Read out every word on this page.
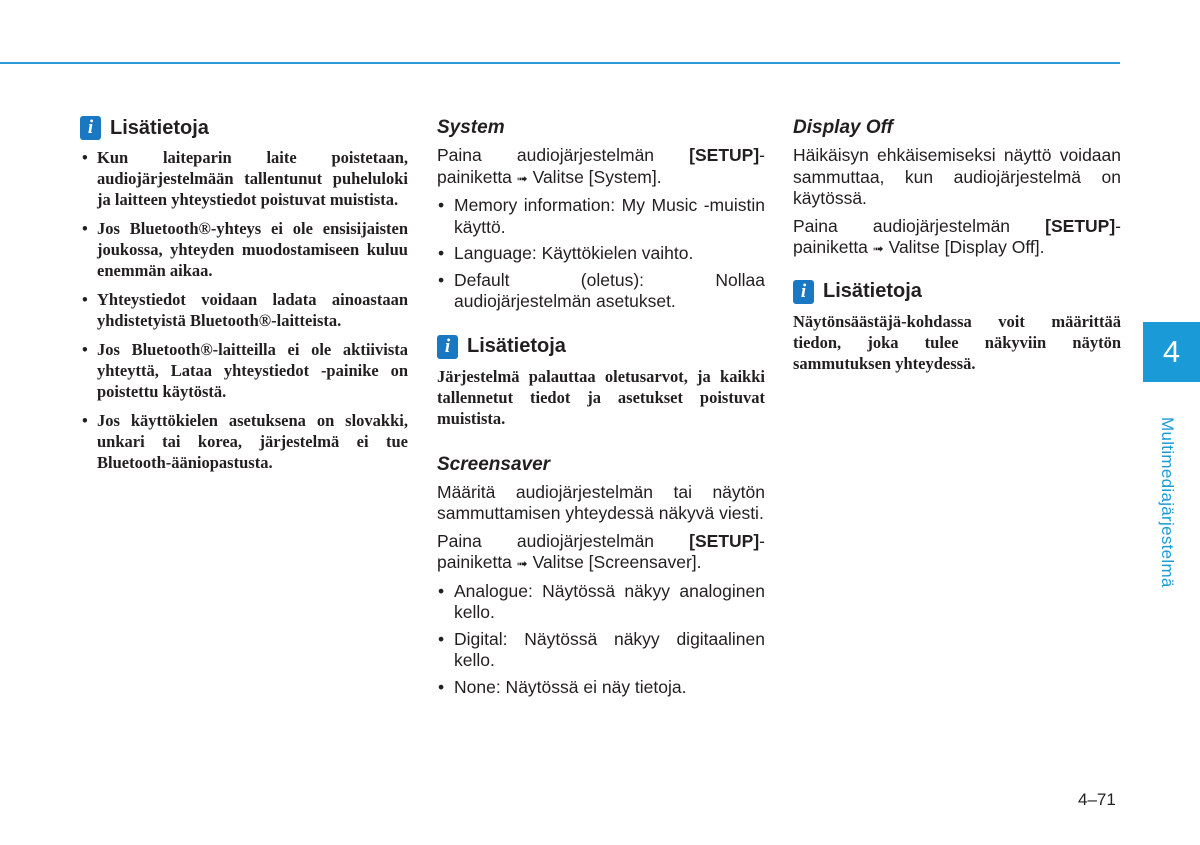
i Lisätietoja
• Kun laiteparin laite poistetaan, audiojärjestelmään tallentunut puheluloki ja laitteen yhteystiedot poistuvat muistista.
• Jos Bluetooth®-yhteys ei ole ensisijaisten joukossa, yhteyden muodostamiseen kuluu enemmän aikaa.
• Yhteystiedot voidaan ladata ainoastaan yhdistetyistä Bluetooth®-laitteista.
• Jos Bluetooth®-laitteilla ei ole aktiivista yhteyttä, Lataa yhteystiedot -painike on poistettu käytöstä.
• Jos käyttökielen asetuksena on slovakki, unkari tai korea, järjestelmä ei tue Bluetooth-ääniopastusta.
System

Paina audiojärjestelmän [SETUP]-painiketta ➟ Valitse [System].

• Memory information: My Music -muistin käyttö.
• Language: Käyttökielen vaihto.
• Default (oletus): Nollaa audiojärjestelmän asetukset.
i Lisätietoja

Järjestelmä palauttaa oletusarvot, ja kaikki tallennetut tiedot ja asetukset poistuvat muistista.

Screensaver

Määritä audiojärjestelmän tai näytön sammuttamisen yhteydessä näkyvä viesti.

Paina audiojärjestelmän [SETUP]-painiketta ➟ Valitse [Screensaver].

• Analogue: Näytössä näkyy analoginen kello.
• Digital: Näytössä näkyy digitaalinen kello.
• None: Näytössä ei näy tietoja.
Display Off

Häikäisyn ehkäisemiseksi näyttö voidaan sammuttaa, kun audiojärjestelmä on käytössä.

Paina audiojärjestelmän [SETUP]-painiketta ➟ Valitse [Display Off].

i Lisätietoja

Näytönsäästäjä-kohdassa voit määrittää tiedon, joka tulee näkyviin näytön sammutuksen yhteydessä.	4
Multimediajärjestelmä
4–71
